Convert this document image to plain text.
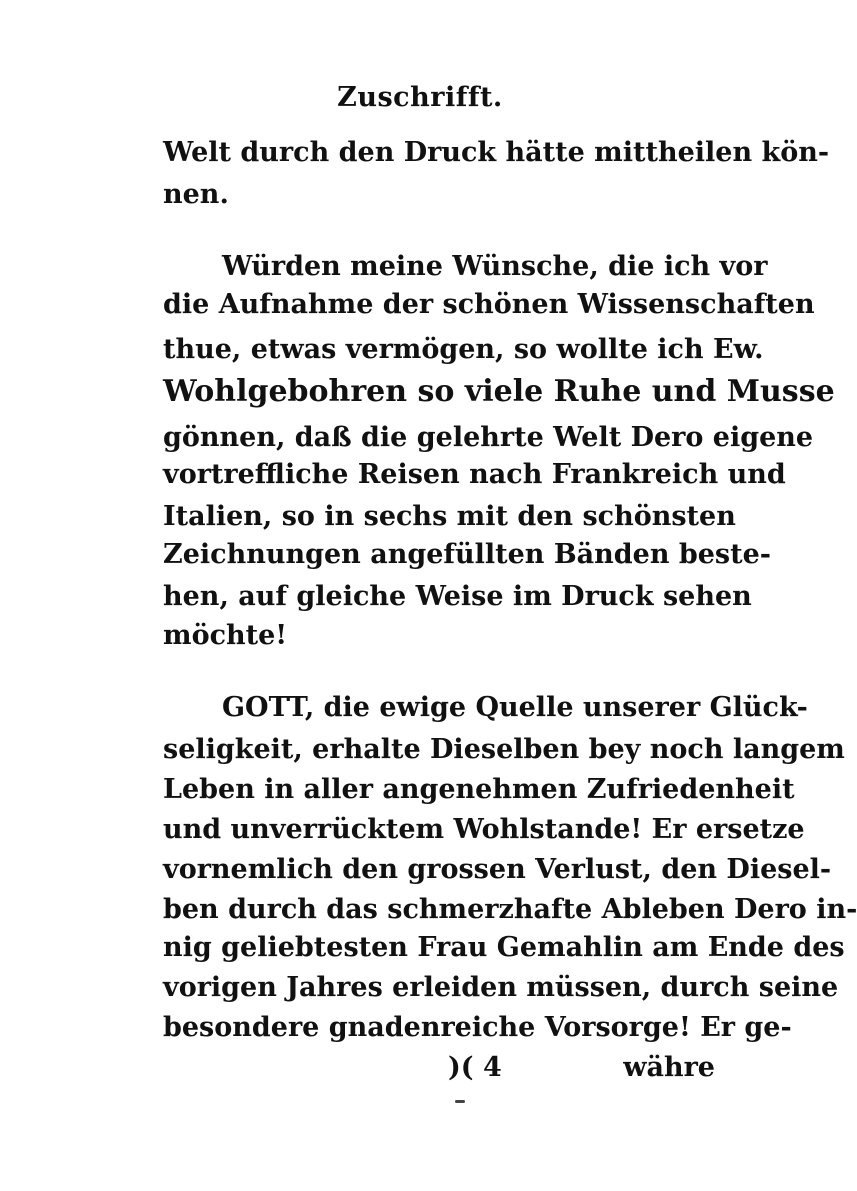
Zuschrifft.
Welt durch den Druck hätte mittheilen kön-
nen.
Würden meine Wünsche, die ich vor
die Aufnahme der schönen Wissenschaften
thue, etwas vermögen, so wollte ich Ew.
Wohlgebohren so viele Ruhe und Musse
gönnen, daß die gelehrte Welt Dero eigene
vortreffliche Reisen nach Frankreich und
Italien, so in sechs mit den schönsten
Zeichnungen angefüllten Bänden beste-
hen, auf gleiche Weise im Druck sehen
möchte!
GOTT, die ewige Quelle unserer Glück-
seligkeit, erhalte Dieselben bey noch langem
Leben in aller angenehmen Zufriedenheit
und unverrücktem Wohlstande! Er ersetze
vornemlich den grossen Verlust, den Diesel-
ben durch das schmerzhafte Ableben Dero in-
nig geliebtesten Frau Gemahlin am Ende des
vorigen Jahres erleiden müssen, durch seine
besondere gnadenreiche Vorsorge! Er ge-
)( 4	währe
